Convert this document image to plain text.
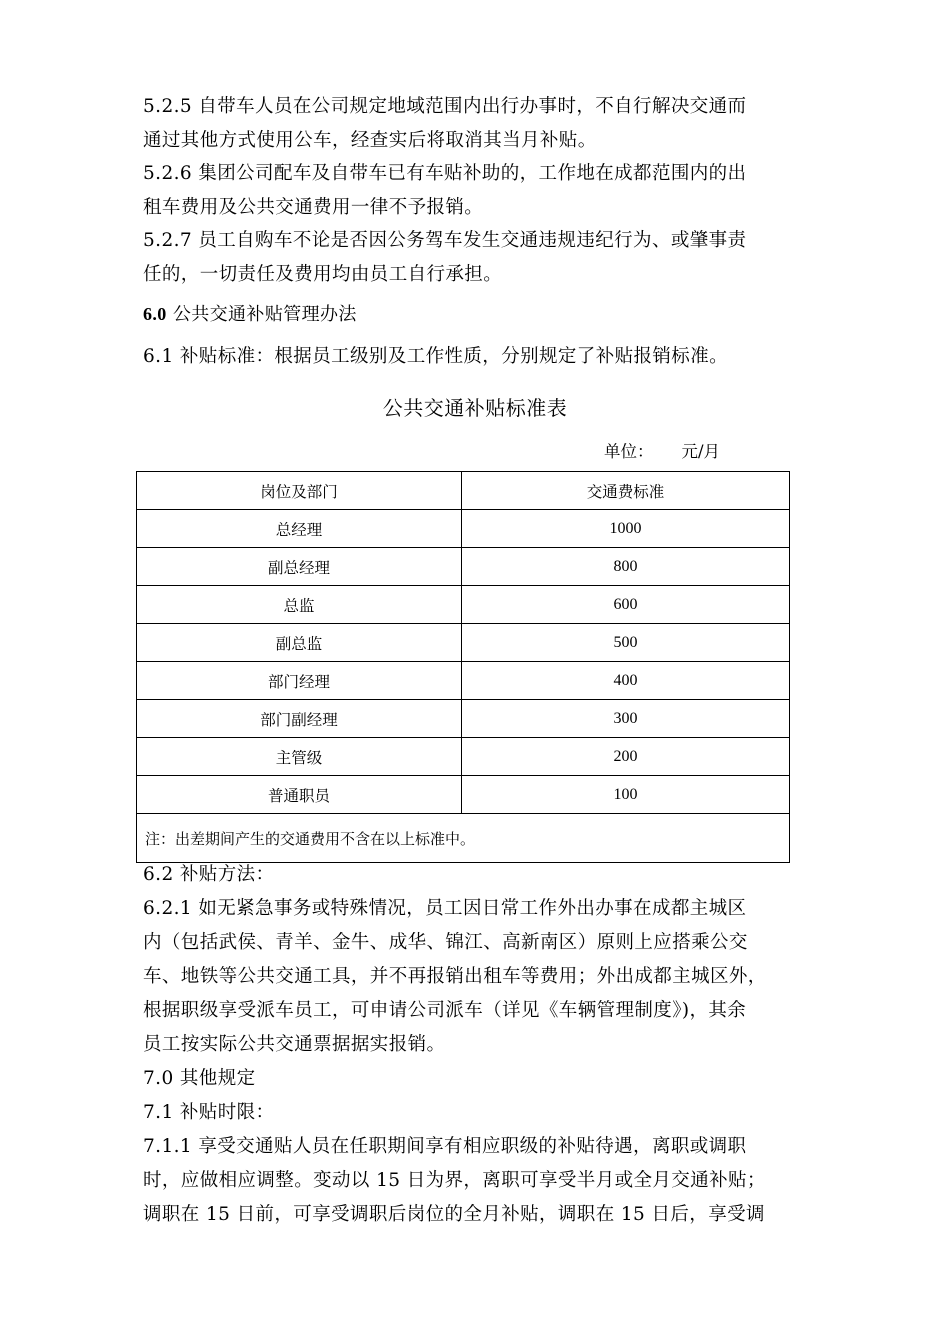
5.2.5 自带车人员在公司规定地域范围内出行办事时，不自行解决交通而
通过其他方式使用公车，经查实后将取消其当月补贴。
5.2.6 集团公司配车及自带车已有车贴补助的，工作地在成都范围内的出
租车费用及公共交通费用一律不予报销。
5.2.7 员工自购车不论是否因公务驾车发生交通违规违纪行为、或肇事责
任的，一切责任及费用均由员工自行承担。
6.0 公共交通补贴管理办法
6.1 补贴标准：根据员工级别及工作性质，分别规定了补贴报销标准。
公共交通补贴标准表
单位： 元/月
岗位及部门	交通费标准
总经理	1000
副总经理	800
总监	600
副总监	500
部门经理	400
部门副经理	300
主管级	200
普通职员	100
注：出差期间产生的交通费用不含在以上标准中。	
6.2 补贴方法：
6.2.1 如无紧急事务或特殊情况，员工因日常工作外出办事在成都主城区
内（包括武侯、青羊、金牛、成华、锦江、高新南区）原则上应搭乘公交
车、地铁等公共交通工具，并不再报销出租车等费用；外出成都主城区外，
根据职级享受派车员工，可申请公司派车（详见《车辆管理制度》)，其余
员工按实际公共交通票据据实报销。
7.0 其他规定
7.1 补贴时限：
7.1.1 享受交通贴人员在任职期间享有相应职级的补贴待遇，离职或调职
时，应做相应调整。变动以 15 日为界，离职可享受半月或全月交通补贴；
调职在 15 日前，可享受调职后岗位的全月补贴，调职在 15 日后，享受调
